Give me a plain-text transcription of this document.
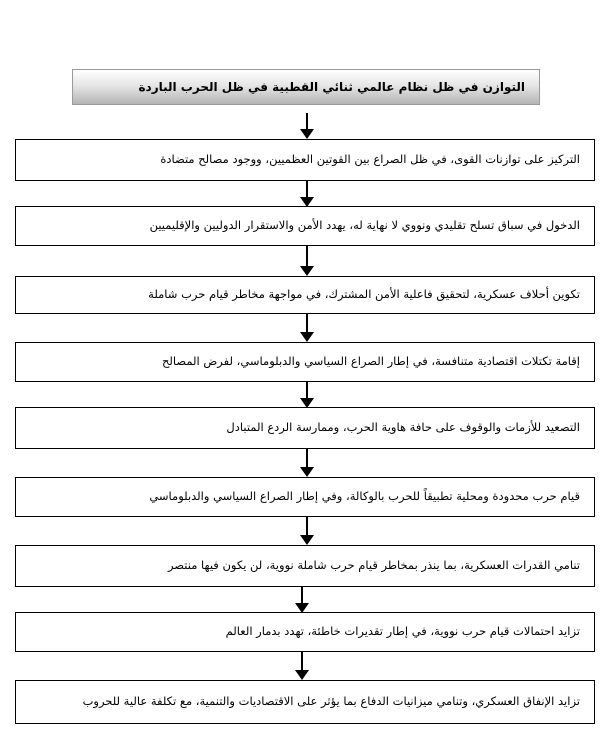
التوازن في ظل نظام عالمي ثنائي القطبية في ظل الحرب الباردة
التركيز على توازنات القوى، في ظل الصراع بين القوتين العظميين، ووجود مصالح متضادة
الدخول في سباق تسلح تقليدي ونووي لا نهاية له، يهدد الأمن والاستقرار الدوليين والإقليميين
تكوين أحلاف عسكرية، لتحقيق فاعلية الأمن المشترك، في مواجهة مخاطر قيام حرب شاملة
إقامة تكتلات اقتصادية متنافسة، في إطار الصراع السياسي والدبلوماسي، لفرض المصالح
التصعيد للأزمات والوقوف على حافة هاوية الحرب، وممارسة الردع المتبادل
قيام حرب محدودة ومحلية تطبيقاً للحرب بالوكالة، وفي إطار الصراع السياسي والدبلوماسي
تنامي القدرات العسكرية، بما ينذر بمخاطر قيام حرب شاملة نووية، لن يكون فيها منتصر
تزايد احتمالات قيام حرب نووية، في إطار تقديرات خاطئة، تهدد بدمار العالم
تزايد الإنفاق العسكري، وتنامي ميزانيات الدفاع بما يؤثر على الاقتصاديات والتنمية، مع تكلفة عالية للحروب
